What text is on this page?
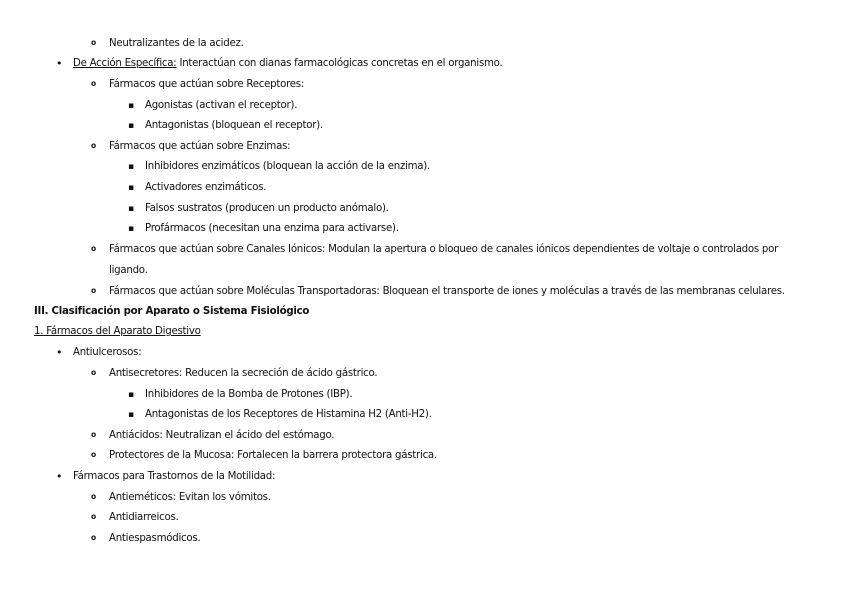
o
Neutralizantes de la acidez.
•
De Acción Específica: Interactúan con dianas farmacológicas concretas en el organismo.
o
Fármacos que actúan sobre Receptores:
▪
Agonistas (activan el receptor).
▪
Antagonistas (bloquean el receptor).
o
Fármacos que actúan sobre Enzimas:
▪
Inhibidores enzimáticos (bloquean la acción de la enzima).
▪
Activadores enzimáticos.
▪
Falsos sustratos (producen un producto anómalo).
▪
Profármacos (necesitan una enzima para activarse).
o
Fármacos que actúan sobre Canales Iónicos: Modulan la apertura o bloqueo de canales iónicos dependientes de voltaje o controlados por
ligando.
o
Fármacos que actúan sobre Moléculas Transportadoras: Bloquean el transporte de iones y moléculas a través de las membranas celulares.
III. Clasificación por Aparato o Sistema Fisiológico
1. Fármacos del Aparato Digestivo
•
Antiulcerosos:
o
Antisecretores: Reducen la secreción de ácido gástrico.
▪
Inhibidores de la Bomba de Protones (IBP).
▪
Antagonistas de los Receptores de Histamina H2 (Anti-H2).
o
Antiácidos: Neutralizan el ácido del estómago.
o
Protectores de la Mucosa: Fortalecen la barrera protectora gástrica.
•
Fármacos para Trastornos de la Motilidad:
o
Antieméticos: Evitan los vómitos.
o
Antidiarreicos.
o
Antiespasmódicos.
